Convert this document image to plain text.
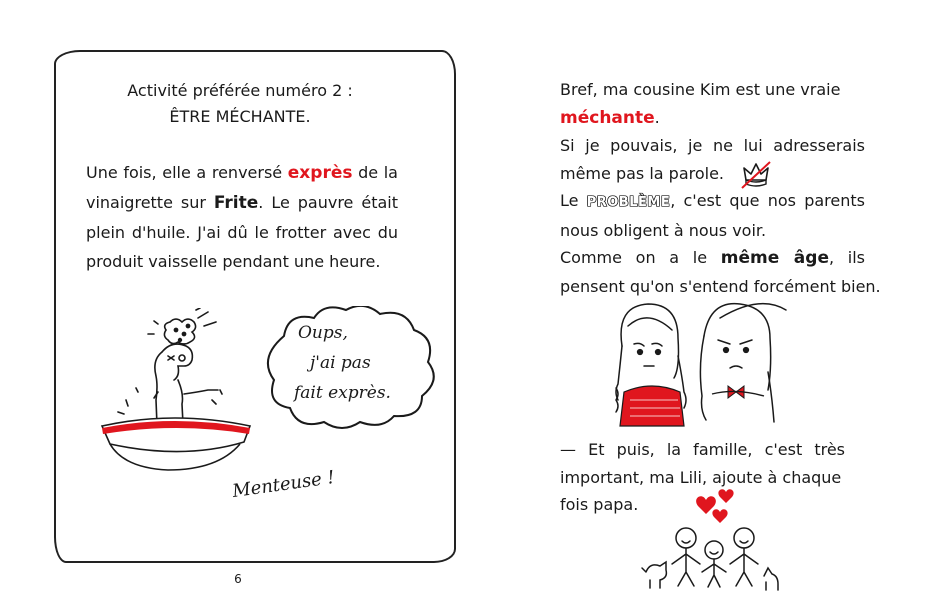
Activité préférée numéro 2 :
ÊTRE MÉCHANTE.
Une fois, elle a renversé exprès de la
vinaigrette sur Frite. Le pauvre était
plein d'huile. J'ai dû le frotter avec du
produit vaisselle pendant une heure.
Oups,
j'ai pas
fait exprès.
Menteuse !
6
Bref, ma cousine Kim est une vraie
méchante.
Si je pouvais, je ne lui adresserais
même pas la parole.
Le PROBLÈME, c'est que nos parents
nous obligent à nous voir.
Comme on a le même âge, ils
pensent qu'on s'entend forcément bien.
— Et puis, la famille, c'est très
important, ma Lili, ajoute à chaque
fois papa.
